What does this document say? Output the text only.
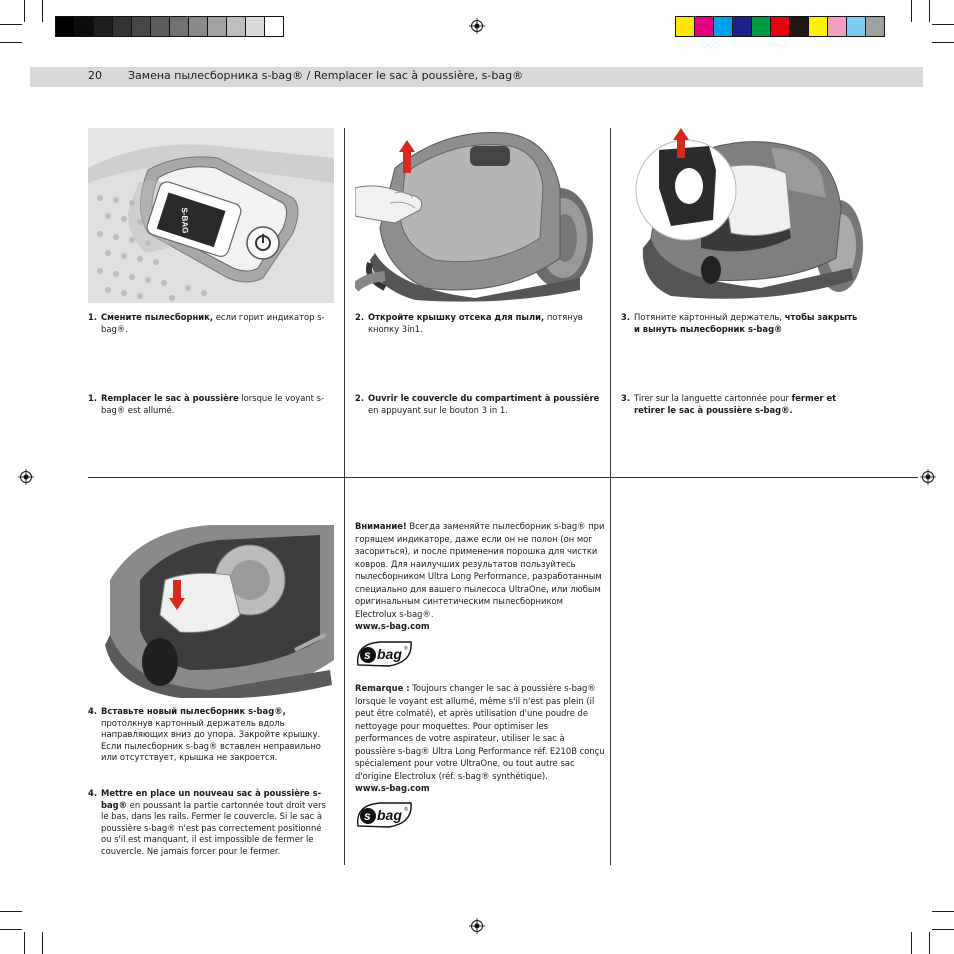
20 Замена пылесборника s-bag® / Remplacer le sac à poussière, s-bag®
S-BAG
1. Смените пылесборник, если горит индикатор s-bag®.
1. Remplacer le sac à poussière lorsque le voyant s-bag® est allumé.
2. Откройте крышку отсека для пыли, потянув кнопку 3in1.
2. Ouvrir le couvercle du compartiment à poussière en appuyant sur le bouton 3 in 1.
3. Потяните картонный держатель, чтобы закрыть и вынуть пылесборник s-bag®
3. Tirer sur la languette cartonnée pour fermer et retirer le sac à poussière s-bag®.
4. Вставьте новый пылесборник s-bag®, протолкнув картонный держатель вдоль направляющих вниз до упора. Закройте крышку. Если пылесборник s-bag® вставлен неправильно или отсутствует, крышка не закроется.
4. Mettre en place un nouveau sac à poussière s-bag® en poussant la partie cartonnée tout droit vers le bas, dans les rails. Fermer le couvercle. Si le sac à poussière s-bag® n'est pas correctement positionné ou s'il est manquant, il est impossible de fermer le couvercle. Ne jamais forcer pour le fermer.
Внимание! Всегда заменяйте пылесборник s-bag® при горящем индикаторе, даже если он не полон (он мог засориться), и после применения порошка для чистки ковров. Для наилучших результатов пользуйтесь пылесборником Ultra Long Performance, разработанным специально для вашего пылесоса UltraOne, или любым оригинальным синтетическим пылесборником Electrolux s-bag®.
www.s-bag.com
s bag ®
Remarque : Toujours changer le sac à poussière s-bag® lorsque le voyant est allumé, même s'il n'est pas plein (il peut être colmaté), et après utilisation d'une poudre de nettoyage pour moquettes. Pour optimiser les performances de votre aspirateur, utiliser le sac à poussière s-bag® Ultra Long Performance réf. E210B conçu spécialement pour votre UltraOne, ou tout autre sac d'origine Electrolux (réf. s-bag® synthétique).
www.s-bag.com
s bag ®
